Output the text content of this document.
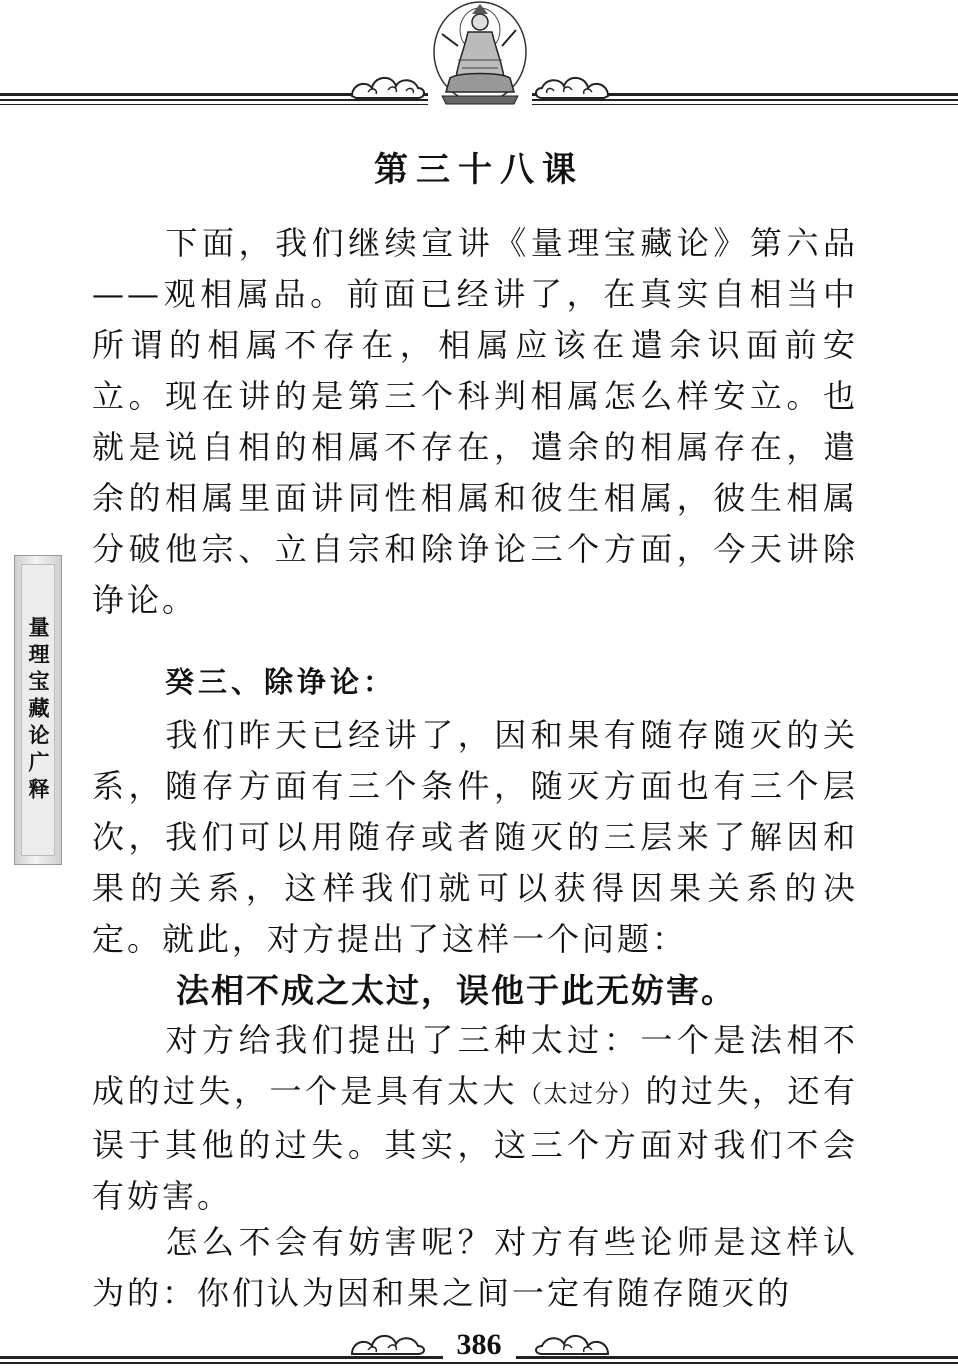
第三十八课

下面，我们继续宣讲《量理宝藏论》第六品——观相属品。前面已经讲了，在真实自相当中所谓的相属不存在，相属应该在遣余识面前安立。现在讲的是第三个科判相属怎么样安立。也就是说自相的相属不存在，遣余的相属存在，遣余的相属里面讲同性相属和彼生相属，彼生相属分破他宗、立自宗和除诤论三个方面，今天讲除诤论。

癸三、除诤论：

我们昨天已经讲了，因和果有随存随灭的关系，随存方面有三个条件，随灭方面也有三个层次，我们可以用随存或者随灭的三层来了解因和果的关系，这样我们就可以获得因果关系的决定。就此，对方提出了这样一个问题：

法相不成之太过，误他于此无妨害。

对方给我们提出了三种太过：一个是法相不成的过失，一个是具有太大（太过分）的过失，还有误于其他的过失。其实，这三个方面对我们不会有妨害。

怎么不会有妨害呢？对方有些论师是这样认为的：你们认为因和果之间一定有随存随灭的

量理宝藏论广释
386
